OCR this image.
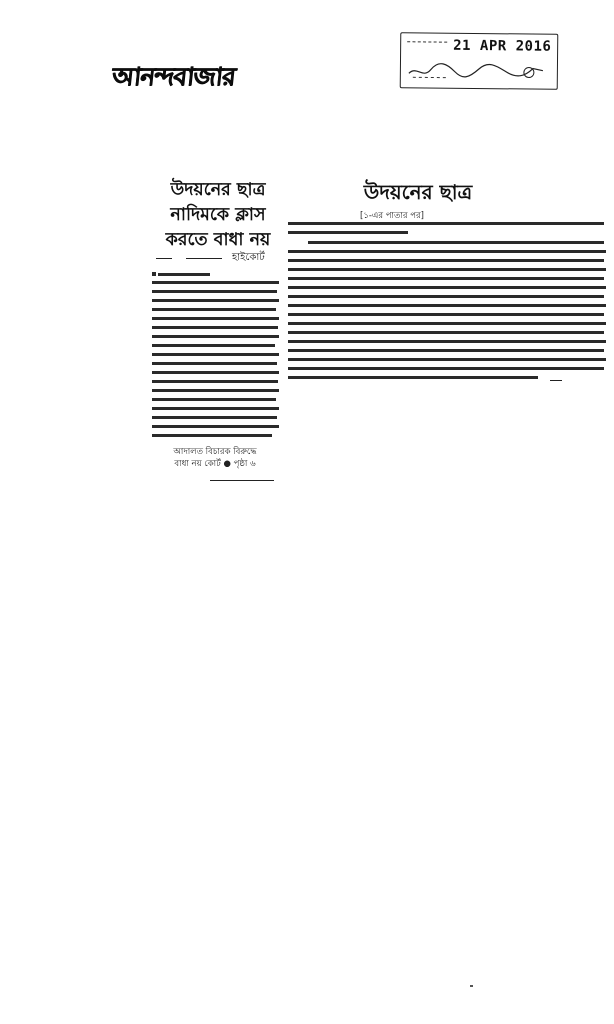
আনন্দবাজার
21 APR 2016
উদয়নের ছাত্র
নাদিমকে ক্লাস
করতে বাধা নয়
হাইকোর্ট
আদালত বিচারক বিরুদ্ধে
বাধা নয় কোর্ট ● পৃষ্ঠা ৬
উদয়নের ছাত্র
[১-এর পাতার পর]
